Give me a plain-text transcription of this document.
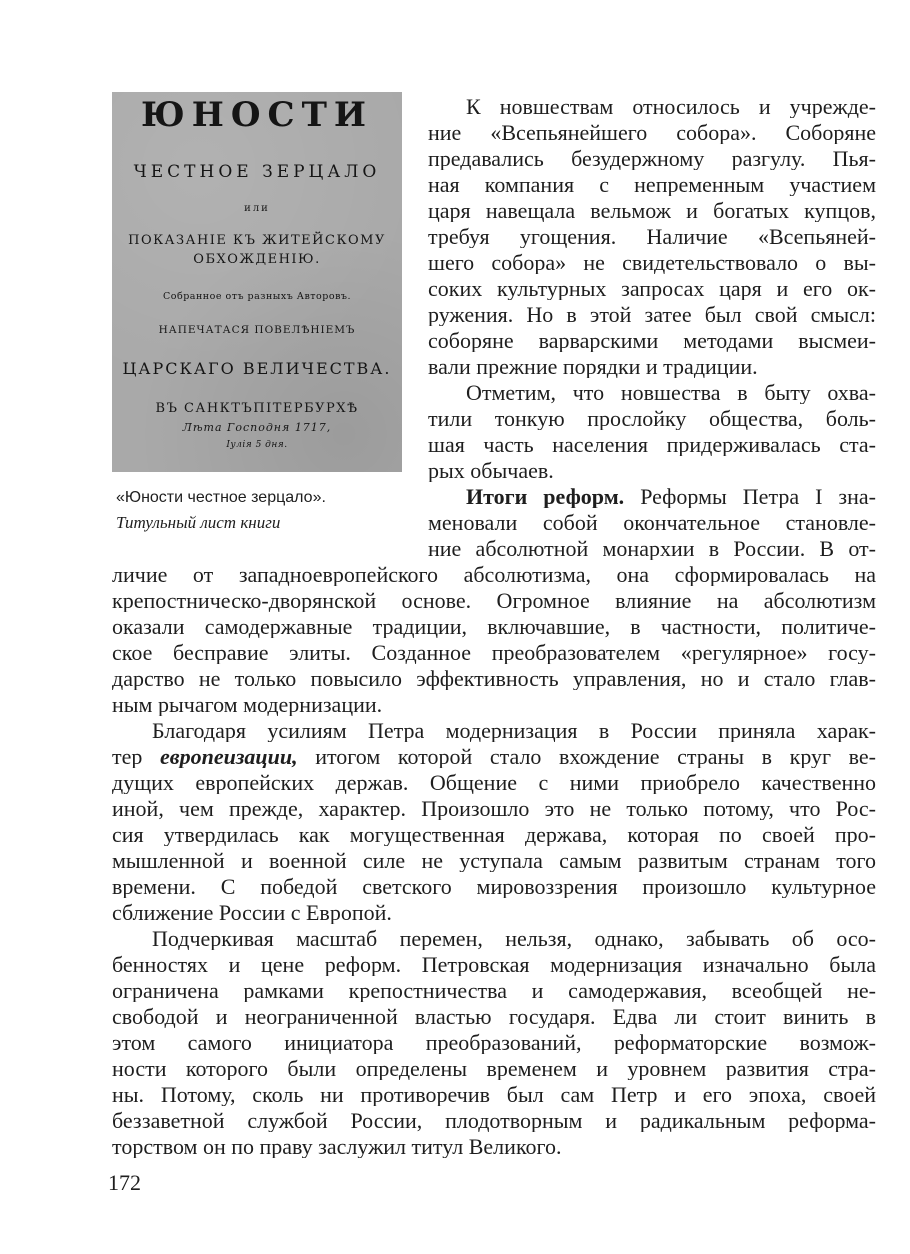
ЮНОСТИ
ЧЕСТНОЕ ЗЕРЦАЛО
или
ПОКАЗАНІЕ КЪ ЖИТЕЙСКОМУ
ОБХОЖДЕНІЮ.
Собранное отъ разныхъ Авторовъ.
НАПЕЧАТАСЯ ПОВЕЛѢНІЕМЪ
ЦАРСКАГО ВЕЛИЧЕСТВА.
ВЪ САНКТЪПІТЕРБУРХѢ
Лѣта Господня 1717,
Іулія 5 дня.
«Юности честное зерцало».
Титульный лист книги
К новшествам относилось и учрежде-
ние «Всепьянейшего собора». Соборяне
предавались безудержному разгулу. Пья-
ная компания с непременным участием
царя навещала вельмож и богатых купцов,
требуя угощения. Наличие «Всепьяней-
шего собора» не свидетельствовало о вы-
соких культурных запросах царя и его ок-
ружения. Но в этой затее был свой смысл:
соборяне варварскими методами высмеи-
вали прежние порядки и традиции.
Отметим, что новшества в быту охва-
тили тонкую прослойку общества, боль-
шая часть населения придерживалась ста-
рых обычаев.
Итоги реформ. Реформы Петра I зна-
меновали собой окончательное становле-
ние абсолютной монархии в России. В от-
личие от западноевропейского абсолютизма, она сформировалась на
крепостническо-дворянской основе. Огромное влияние на абсолютизм
оказали самодержавные традиции, включавшие, в частности, политиче-
ское бесправие элиты. Созданное преобразователем «регулярное» госу-
дарство не только повысило эффективность управления, но и стало глав-
ным рычагом модернизации.
Благодаря усилиям Петра модернизация в России приняла харак-
тер европеизации, итогом которой стало вхождение страны в круг ве-
дущих европейских держав. Общение с ними приобрело качественно
иной, чем прежде, характер. Произошло это не только потому, что Рос-
сия утвердилась как могущественная держава, которая по своей про-
мышленной и военной силе не уступала самым развитым странам того
времени. С победой светского мировоззрения произошло культурное
сближение России с Европой.
Подчеркивая масштаб перемен, нельзя, однако, забывать об осо-
бенностях и цене реформ. Петровская модернизация изначально была
ограничена рамками крепостничества и самодержавия, всеобщей не-
свободой и неограниченной властью государя. Едва ли стоит винить в
этом самого инициатора преобразований, реформаторские возмож-
ности которого были определены временем и уровнем развития стра-
ны. Потому, сколь ни противоречив был сам Петр и его эпоха, своей
беззаветной службой России, плодотворным и радикальным реформа-
торством он по праву заслужил титул Великого.
172
